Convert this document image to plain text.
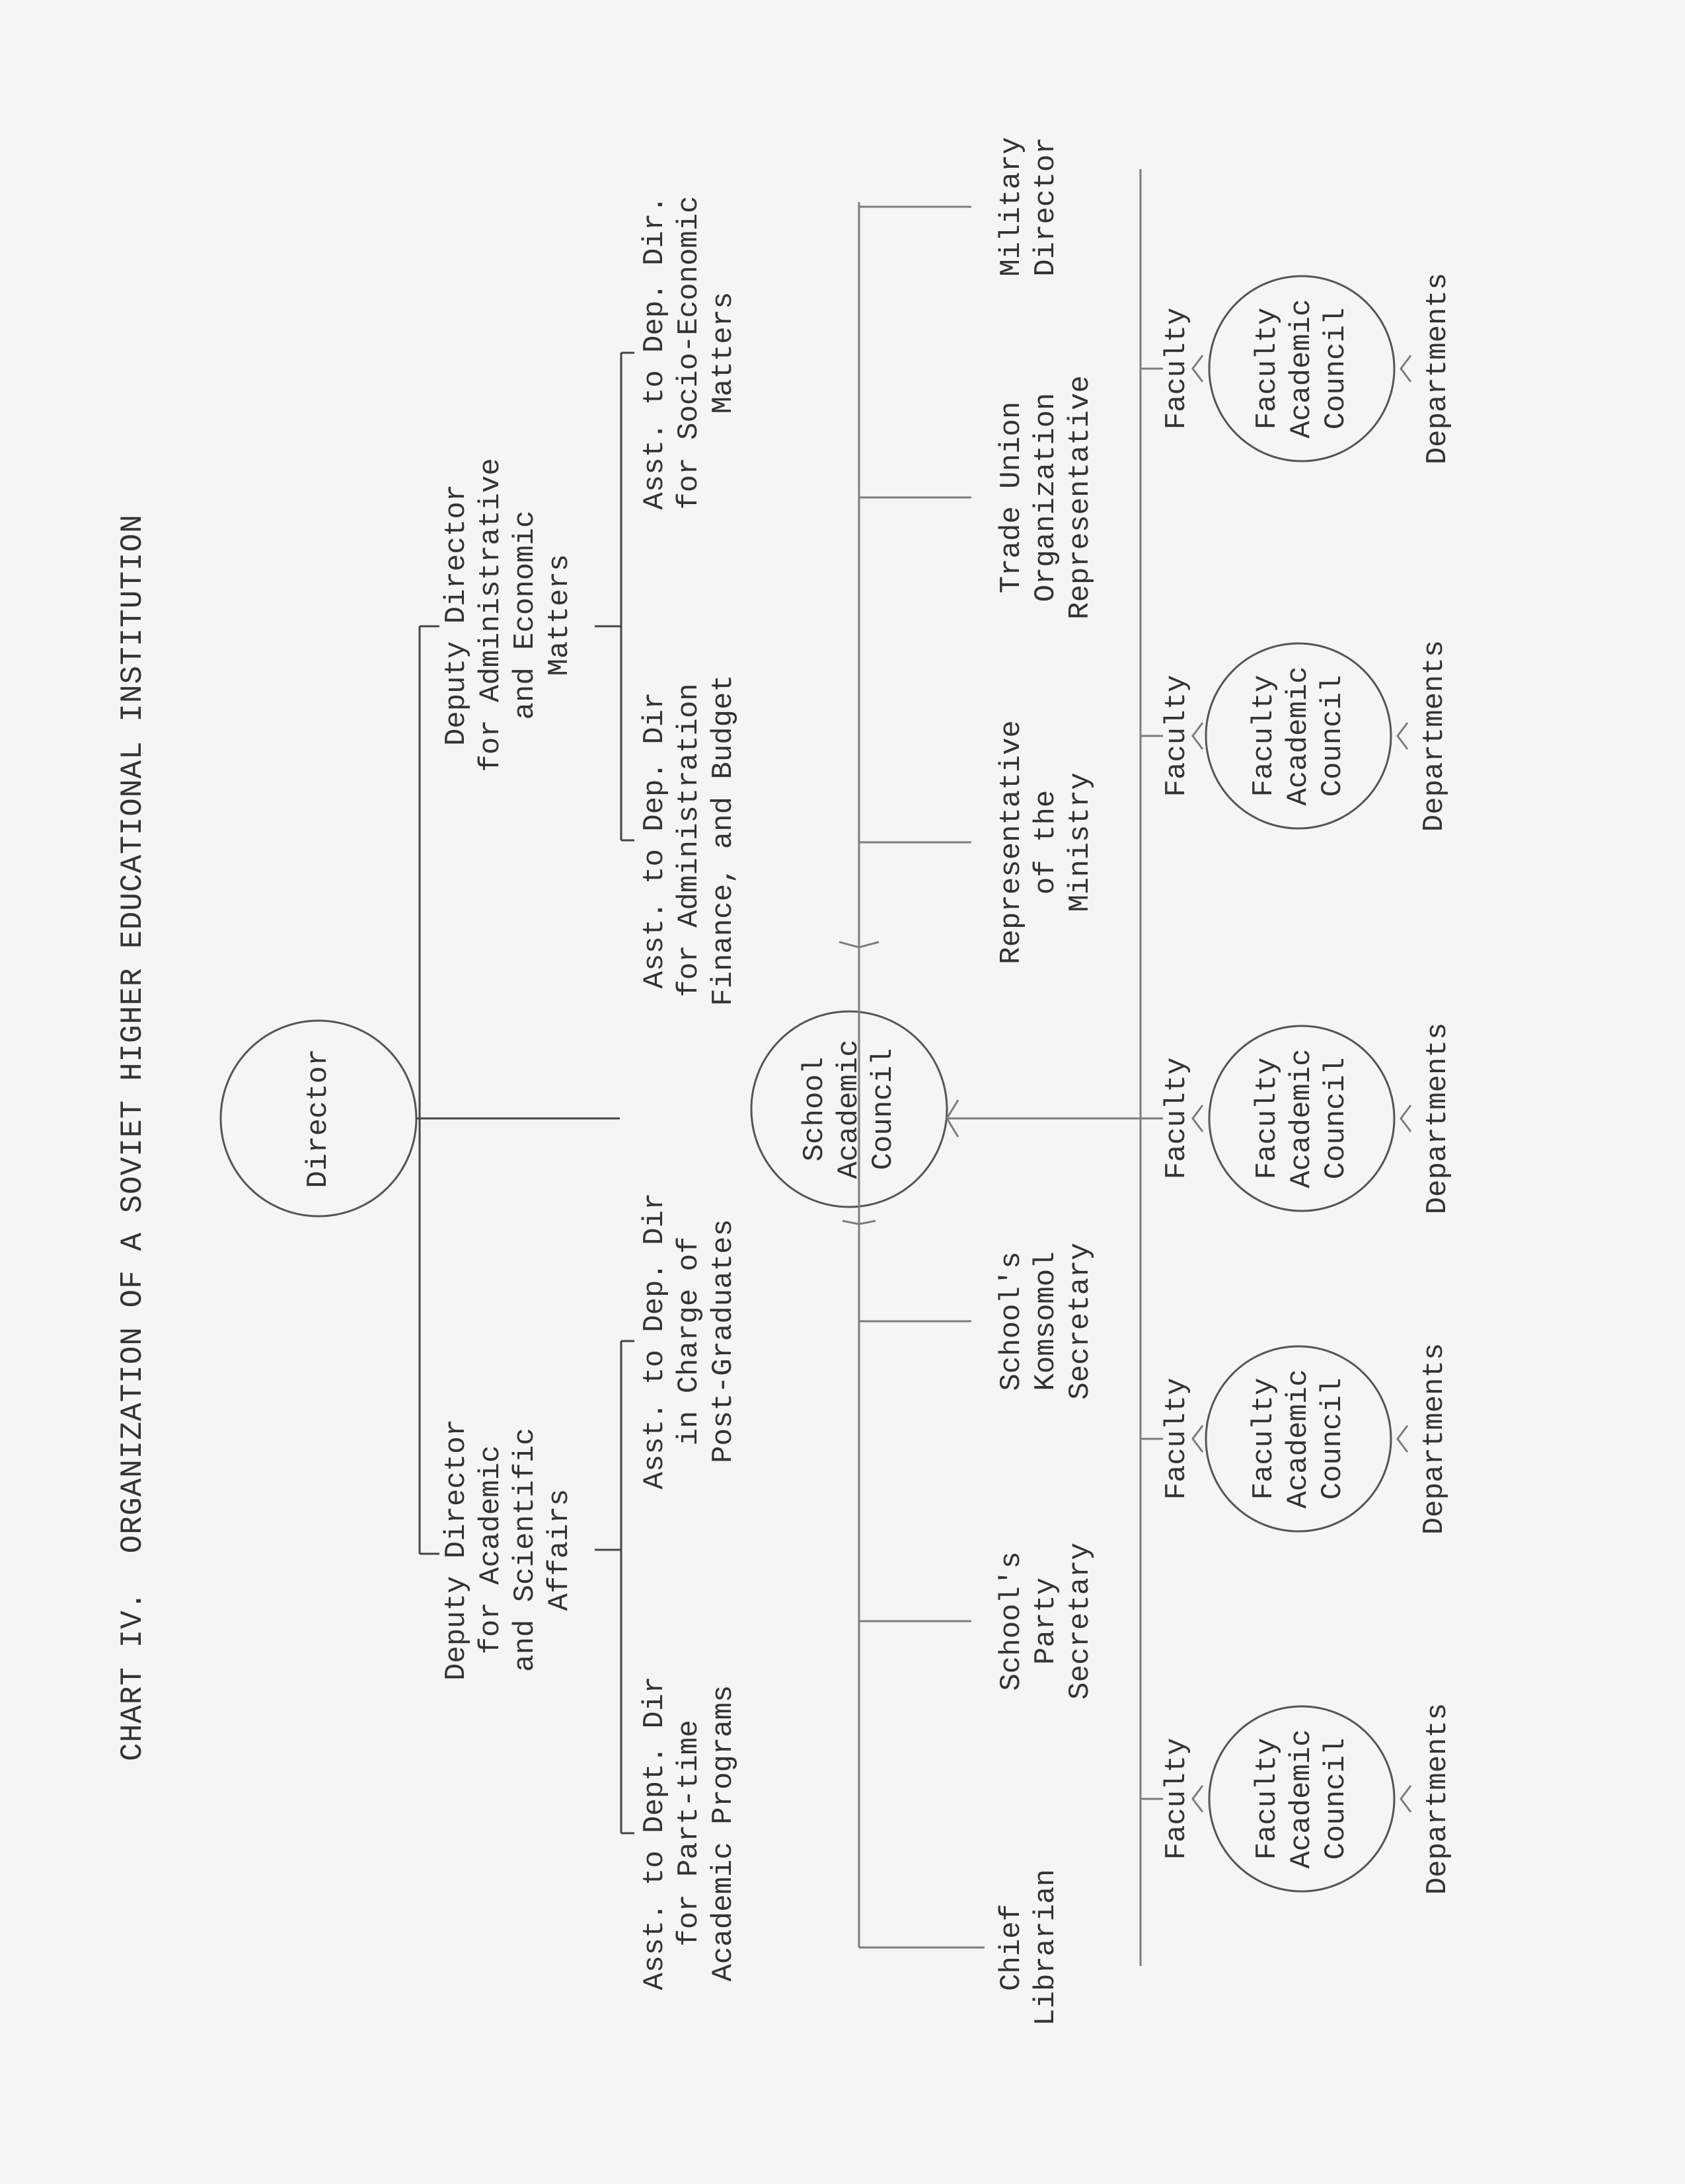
CHART IV.  ORGANIZATION OF A SOVIET HIGHER EDUCATIONAL INSTITUTION	Director
Deputy Director
for Academic
and Scientific
Affairs
Deputy Director
for Administrative
and Economic
Matters
Asst. to Dept. Dir
for Part-time
Academic Programs
Asst. to Dep. Dir
in Charge of
Post-Graduates
Asst. to Dep. Dir
for Administration
Finance, and Budget
Asst. to Dep. Dir.
for Socio-Economic
Matters
School
Academic
Council
Chief
Librarian
School's
Party
Secretary
School's
Komsomol
Secretary
Representative
of the
Ministry
Trade Union
Organization
Representative
Military
Director
Faculty
Faculty
Faculty
Faculty
Faculty
Faculty
Academic
Council
Faculty
Academic
Council
Faculty
Academic
Council
Faculty
Academic
Council
Faculty
Academic
Council
Departments
Departments
Departments
Departments
Departments
